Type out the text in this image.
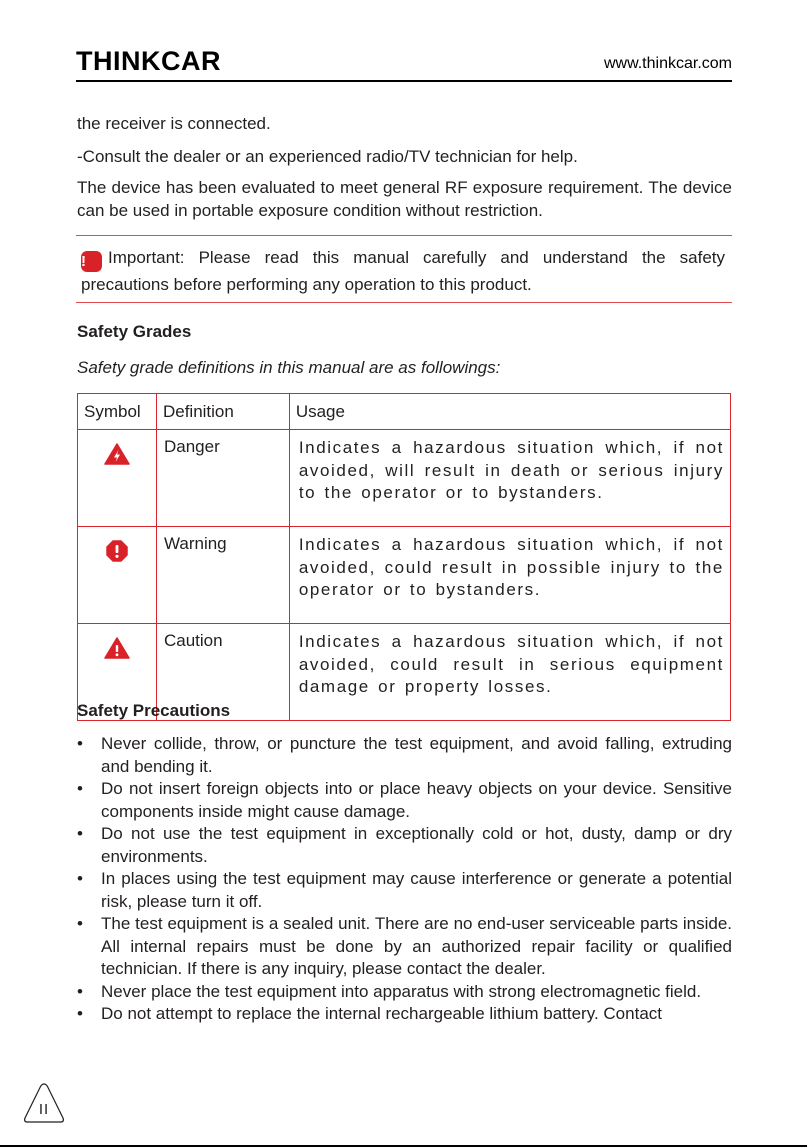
THINKCAR	www.thinkcar.com
the receiver is connected.
-Consult the dealer or an experienced radio/TV technician for help.
The device has been evaluated to meet general RF exposure requirement. The device can be used in portable exposure condition without restriction.
! Important: Please read this manual carefully and understand the safety precautions before performing any operation to this product.
Safety Grades
Safety grade definitions in this manual are as followings:
Symbol	Definition	Usage
	Danger	Indicates a hazardous situation which, if not avoided, will result in death or serious injury to the operator or to bystanders.
	Warning	Indicates a hazardous situation which, if not avoided, could result in possible injury to the operator or to bystanders.
	Caution	Indicates a hazardous situation which, if not avoided, could result in serious equipment damage or property losses.
Safety Precautions
• Never collide, throw, or puncture the test equipment, and avoid falling, extruding and bending it.
• Do not insert foreign objects into or place heavy objects on your device. Sensitive components inside might cause damage.
• Do not use the test equipment in exceptionally cold or hot, dusty, damp or dry environments.
• In places using the test equipment may cause interference or generate a potential risk, please turn it off.
• The test equipment is a sealed unit. There are no end-user serviceable parts inside. All internal repairs must be done by an authorized repair facility or qualified technician. If there is any inquiry, please contact the dealer.
• Never place the test equipment into apparatus with strong electromagnetic field.
• Do not attempt to replace the internal rechargeable lithium battery. Contact
II
